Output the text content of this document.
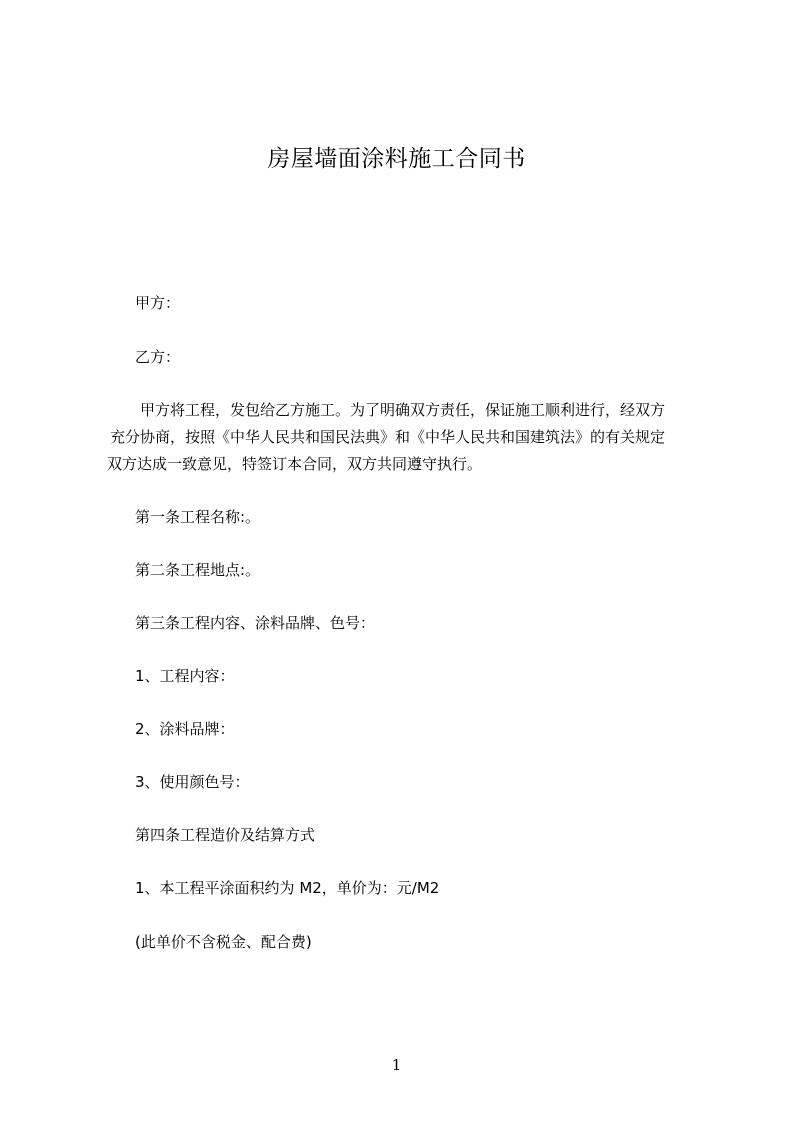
房屋墙面涂料施工合同书
甲方：
乙方：
甲方将工程，发包给乙方施工。为了明确双方责任，保证施工顺利进行，经双方
充分协商，按照《中华人民共和国民法典》和《中华人民共和国建筑法》的有关规定
双方达成一致意见，特签订本合同，双方共同遵守执行。
第一条工程名称:。
第二条工程地点:。
第三条工程内容、涂料品牌、色号：
1、工程内容：
2、涂料品牌：
3、使用颜色号：
第四条工程造价及结算方式
1、本工程平涂面积约为 M2，单价为：元/M2
(此单价不含税金、配合费)
1
